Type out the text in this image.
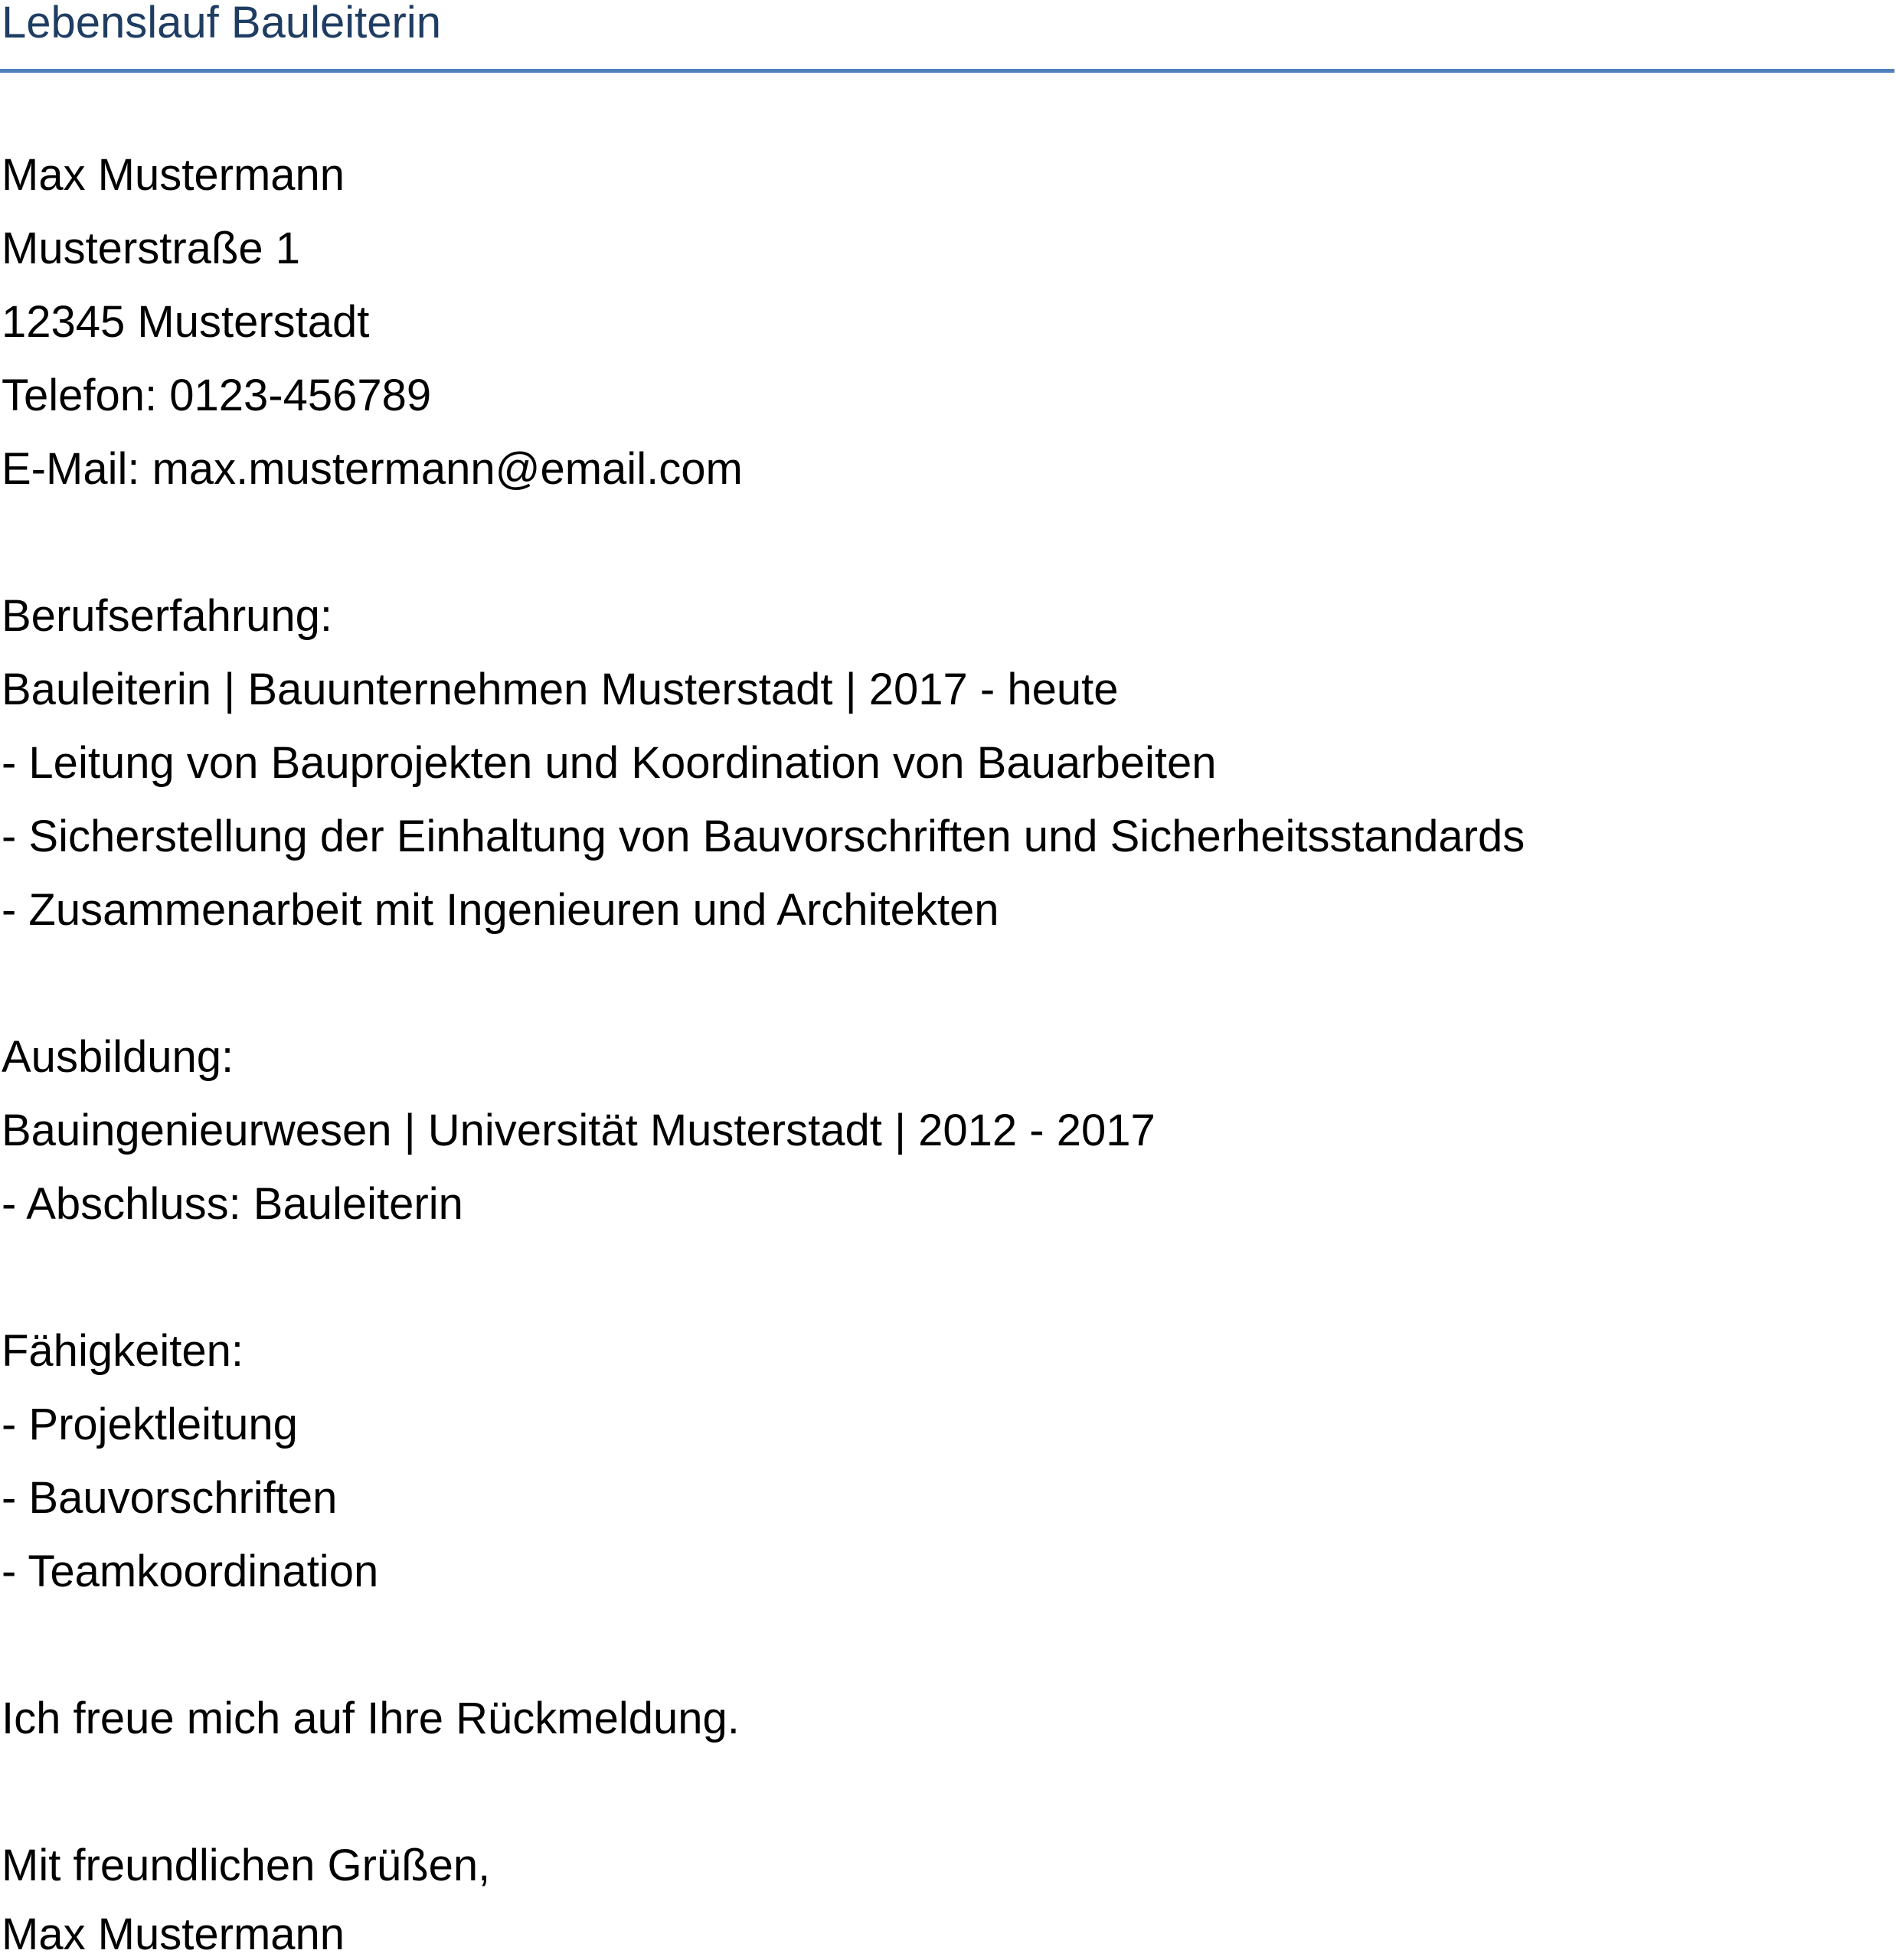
Lebenslauf Bauleiterin
Max Mustermann
Musterstraße 1
12345 Musterstadt
Telefon: 0123-456789
E-Mail: max.mustermann@email.com
Berufserfahrung:
Bauleiterin | Bauunternehmen Musterstadt | 2017 - heute
- Leitung von Bauprojekten und Koordination von Bauarbeiten
- Sicherstellung der Einhaltung von Bauvorschriften und Sicherheitsstandards
- Zusammenarbeit mit Ingenieuren und Architekten
Ausbildung:
Bauingenieurwesen | Universität Musterstadt | 2012 - 2017
- Abschluss: Bauleiterin
Fähigkeiten:
- Projektleitung
- Bauvorschriften
- Teamkoordination
Ich freue mich auf Ihre Rückmeldung.
Mit freundlichen Grüßen,
Max Mustermann
